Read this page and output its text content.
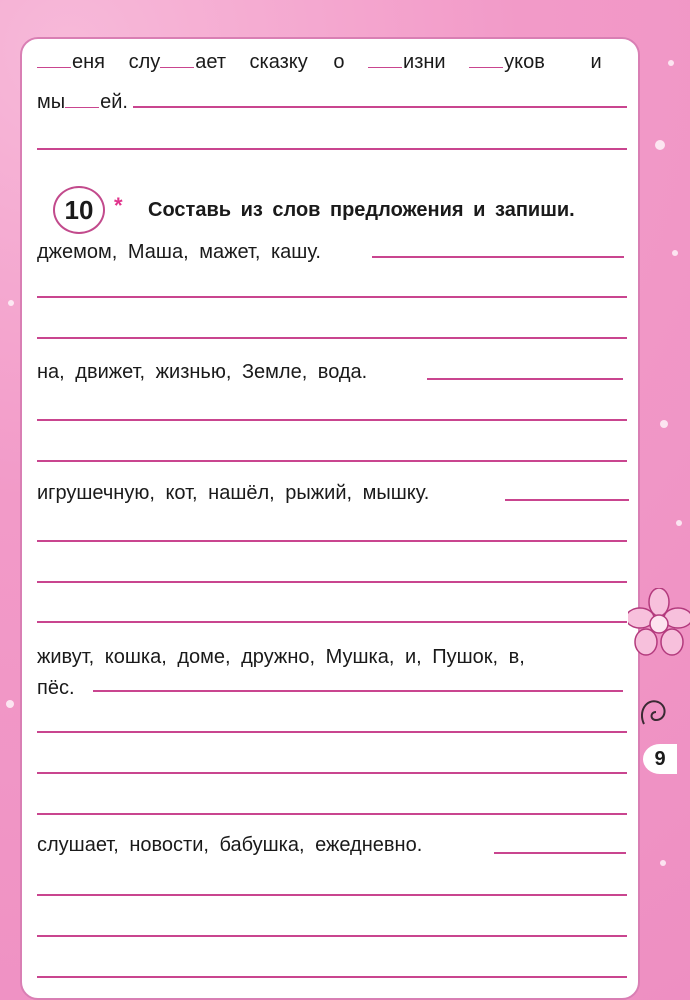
еня слу ает сказку о	изни	уков и
мы ей.
10 * Составь из слов предложения и запиши.
джемом, Маша, мажет, кашу.
на, движет, жизнью, Земле, вода.
игрушечную, кот, нашёл, рыжий, мышку.
живут, кошка, доме, дружно, Мушка, и, Пушок, в,
пёс.
слушает, новости, бабушка, ежедневно.
9
